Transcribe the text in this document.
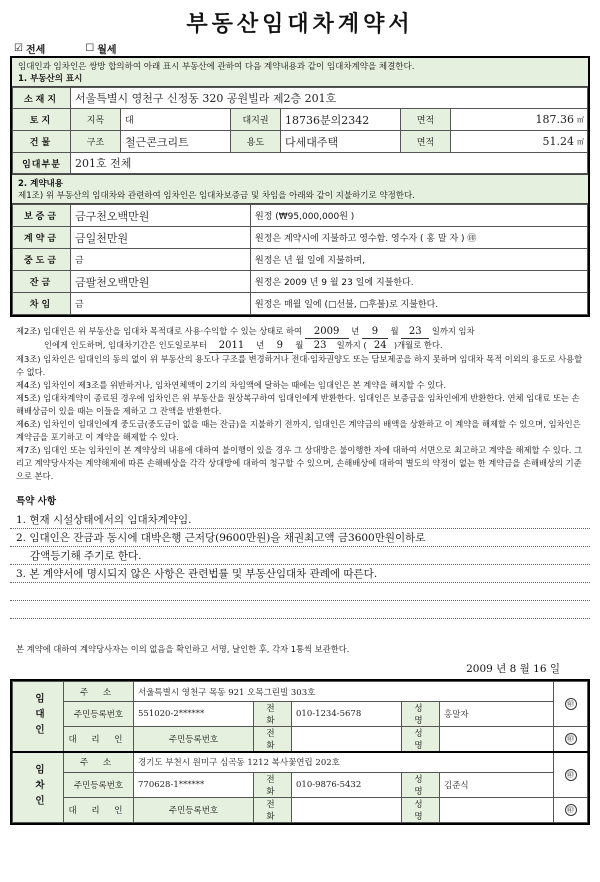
부동산임대차계약서
☑ 전세	☐ 월세
임대인과 임차인은 쌍방 합의하여 아래 표시 부동산에 관하여 다음 계약내용과 같이 임대차계약을 체결한다.
1. 부동산의 표시
소재지	서울특별시 영천구 신정동 320 공원빌라 제2층 201호				
토지	지목	대	대지권	18736분의2342	면적 187.36 ㎡

건물	구조	철근콘크리트	용도	다세대주택	면적 51.24 ㎡

임대부분	201호 전체				
2. 계약내용
제1조) 위 부동산의 임대차와 관련하여 임차인은 임대차보증금 및 차임을 아래와 같이 지불하기로 약정한다.
보증금	금구천오백만원	원정 (₩95,000,000원 )
계약금	금일천만원	원정은 계약시에 지불하고 영수함. 영수자 ( 홍 말 자 ) ㊞
중도금	금	원정은 년 월 일에 지불하며,
잔금	금팔천오백만원	원정은 2009 년 9 월 23 일에 지불한다.
차임	금	원정은 매월 일에 (□선불, □후불)로 지불한다.

제2조) 임대인은 위 부동산을 임대차 목적대로 사용·수익할 수 있는 상태로 하여 2009 년 9 월 23 일까지 임차
인에게 인도하며, 임대차기간은 인도일로부터 2011 년 9 월 23 일까지 ( 24 )개월로 한다.

제3조) 임차인은 임대인의 동의 없이 위 부동산의 용도나 구조를 변경하거나 전대·임차권양도 또는 담보제공을 하지 못하며 임대차 목적 이외의 용도로 사용할 수 없다.

제4조) 임차인이 제3조를 위반하거나, 임차연체액이 2기의 차임액에 달하는 때에는 임대인은 본 계약을 해지할 수 있다.

제5조) 임대차계약이 종료된 경우에 임차인은 위 부동산을 원상복구하여 임대인에게 반환한다. 임대인은 보증금을 임차인에게 반환한다. 연체 임대료 또는 손해배상금이 있을 때는 이들을 제하고 그 잔액을 반환한다.

제6조) 임차인이 임대인에게 중도금(중도금이 없을 때는 잔금)을 지불하기 전까지, 임대인은 계약금의 배액을 상환하고 이 계약을 해제할 수 있으며, 임차인은 계약금을 포기하고 이 계약을 해제할 수 있다.

제7조) 임대인 또는 임차인이 본 계약상의 내용에 대하여 불이행이 있을 경우 그 상대방은 불이행한 자에 대하여 서면으로 최고하고 계약을 해제할 수 있다. 그리고 계약당사자는 계약해제에 따른 손해배상을 각각 상대방에 대하여 청구할 수 있으며, 손해배상에 대하여 별도의 약정이 없는 한 계약금을 손해배상의 기준으로 본다.

특약 사항
1. 현재 시설상태에서의 임대차계약임.
2. 임대인은 잔금과 동시에 대박은행 근저당(9600만원)을 채권최고액 금3600만원이하로
감액등기해 주기로 한다.
3. 본 계약서에 명시되지 않은 사항은 관련법률 및 부동산임대차 관례에 따른다.
본 계약에 대하여 계약당사자는 이의 없음을 확인하고 서명, 날인한 후, 각자 1통씩 보관한다.
2009 년 8 월 16 일
임대인	주 소	서울특별시 영천구 목동 921 오목그린빌 303호					㊞
	주민등록번호	551020-2******	전 화	010-1234-5678	성 명	홍말자	
	대 리 인	주민등록번호	전 화		성 명		㊞
임차인	주 소	경기도 부천시 원미구 심곡동 1212 복사꽃연립 202호					㊞
	주민등록번호	770628-1******	전 화	010-9876-5432	성 명	김준식	
	대 리 인	주민등록번호	전 화		성 명		㊞
